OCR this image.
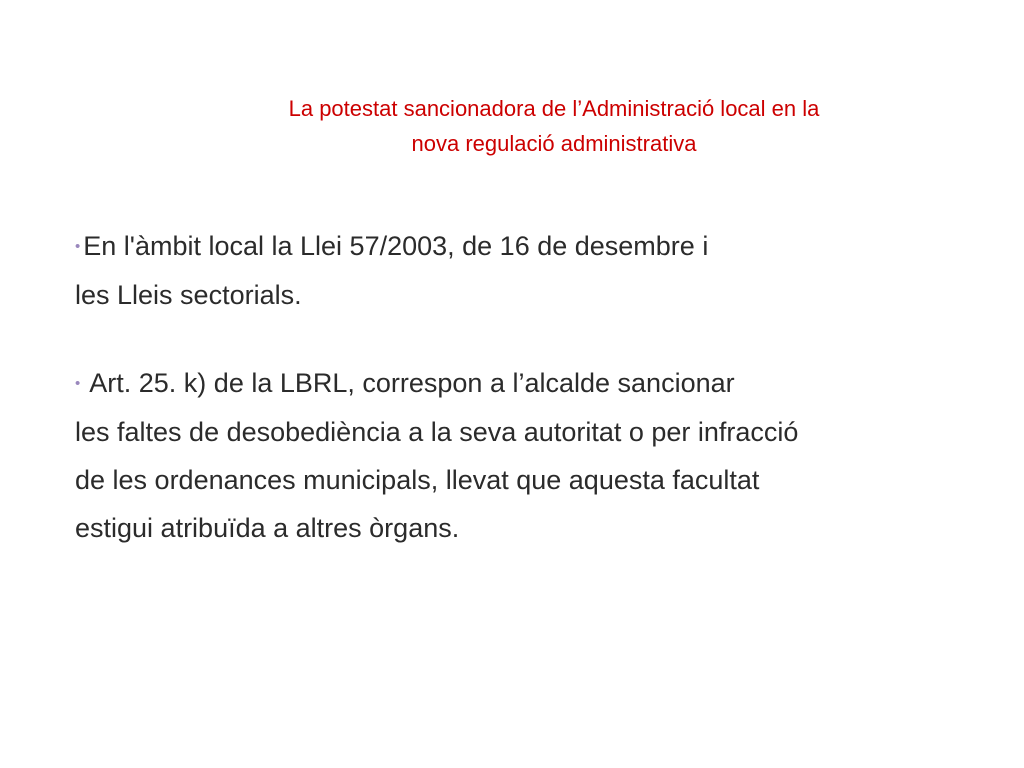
La potestat sancionadora de l’Administració local en la
nova regulació administrativa

• En l'àmbit local la Llei 57/2003, de 16 de desembre i
les Lleis sectorials.

• Art. 25. k) de la LBRL, correspon a l’alcalde sancionar
les faltes de desobediència a la seva autoritat o per infracció
de les ordenances municipals, llevat que aquesta facultat
estigui atribuïda a altres òrgans.
